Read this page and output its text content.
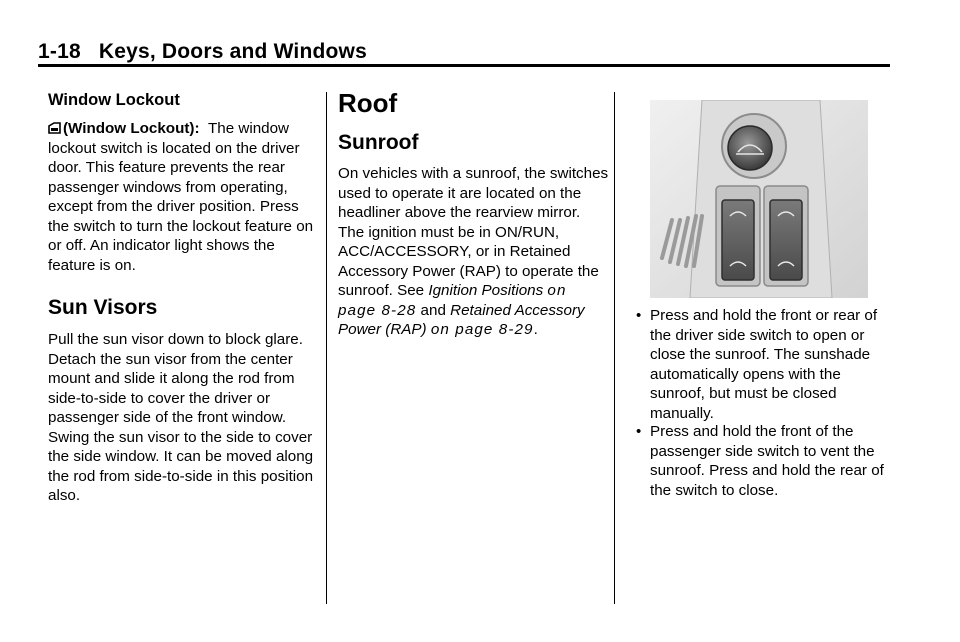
1-18 Keys, Doors and Windows
Window Lockout

(Window Lockout): The window lockout switch is located on the driver door. This feature prevents the rear passenger windows from operating, except from the driver position. Press the switch to turn the lockout feature on or off. An indicator light shows the feature is on.

Sun Visors

Pull the sun visor down to block glare. Detach the sun visor from the center mount and slide it along the rod from side-to-side to cover the driver or passenger side of the front window. Swing the sun visor to the side to cover the side window. It can be moved along the rod from side-to-side in this position also.

Roof
Sunroof

On vehicles with a sunroof, the switches used to operate it are located on the headliner above the rearview mirror. The ignition must be in ON/RUN, ACC/ACCESSORY, or in Retained Accessory Power (RAP) to operate the sunroof. See Ignition Positions on page 8-28 and Retained Accessory Power (RAP) on page 8-29.

• Press and hold the front or rear of the driver side switch to open or close the sunroof. The sunshade automatically opens with the sunroof, but must be closed manually.
• Press and hold the front of the passenger side switch to vent the sunroof. Press and hold the rear of the switch to close.
